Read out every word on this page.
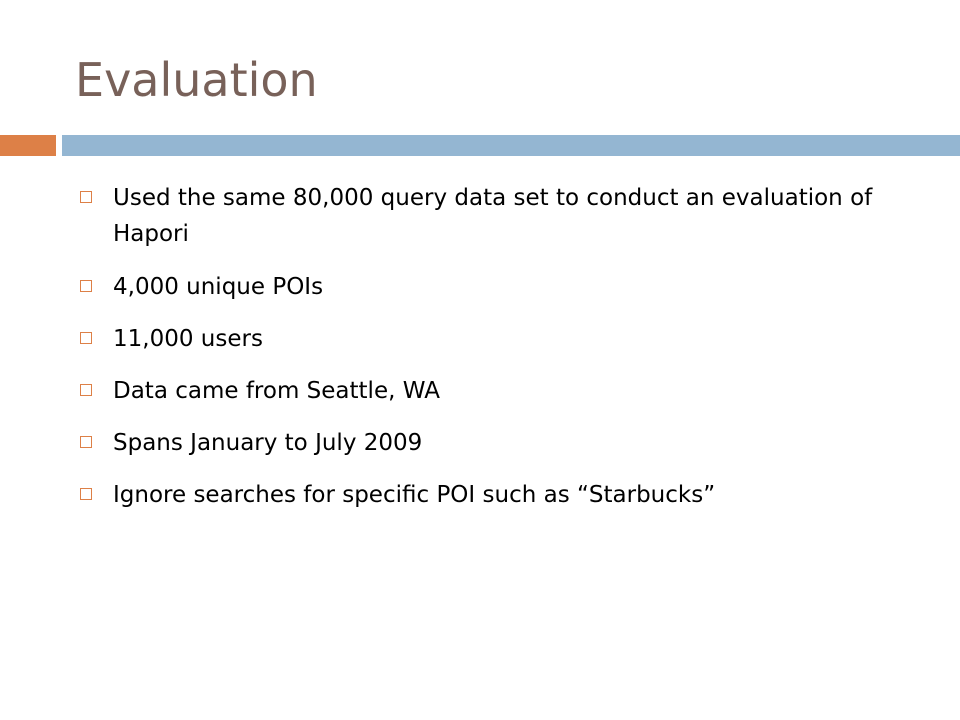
Evaluation
Used the same 80,000 query data set to conduct an evaluation of Hapori
4,000 unique POIs
11,000 users
Data came from Seattle, WA
Spans January to July 2009
Ignore searches for specific POI such as “Starbucks”
